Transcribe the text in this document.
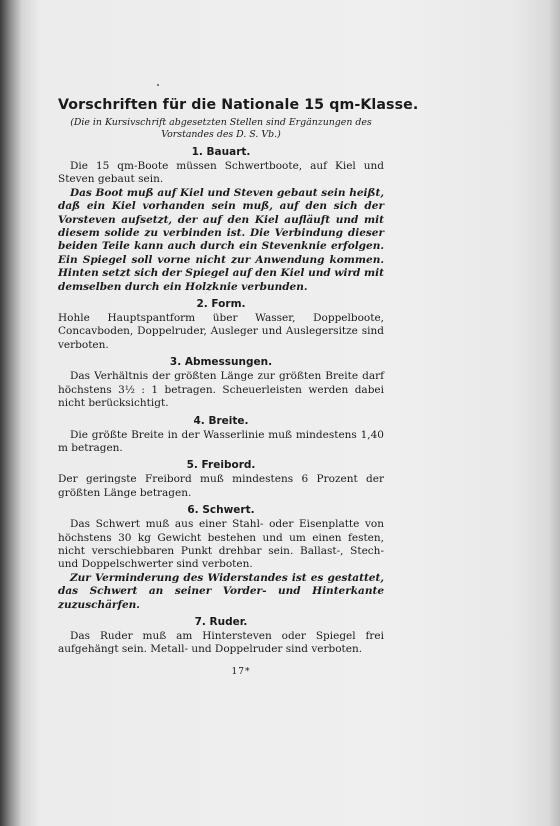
Vorschriften für die Nationale 15 qm-Klasse.
(Die in Kursivschrift abgesetzten Stellen sind Ergänzungen des Vorstandes des D. S. Vb.)
1. Bauart.

Die 15 qm-Boote müssen Schwertboote, auf Kiel und Steven gebaut sein.

Das Boot muß auf Kiel und Steven gebaut sein heißt, daß ein Kiel vorhanden sein muß, auf den sich der Vorsteven aufsetzt, der auf den Kiel aufläuft und mit diesem solide zu verbinden ist. Die Verbindung dieser beiden Teile kann auch durch ein Stevenknie erfolgen. Ein Spiegel soll vorne nicht zur Anwendung kommen. Hinten setzt sich der Spiegel auf den Kiel und wird mit demselben durch ein Holzknie verbunden.

2. Form.

Hohle Hauptspantform über Wasser, Doppelboote, Concavboden, Doppelruder, Ausleger und Auslegersitze sind verboten.

3. Abmessungen.

Das Verhältnis der größten Länge zur größten Breite darf höchstens 3½ : 1 betragen. Scheuerleisten werden dabei nicht berücksichtigt.

4. Breite.

Die größte Breite in der Wasserlinie muß mindestens 1,40 m betragen.

5. Freibord.

Der geringste Freibord muß mindestens 6 Prozent der größten Länge betragen.

6. Schwert.

Das Schwert muß aus einer Stahl- oder Eisenplatte von höchstens 30 kg Gewicht bestehen und um einen festen, nicht verschiebbaren Punkt drehbar sein. Ballast-, Stech- und Doppelschwerter sind verboten.

Zur Verminderung des Widerstandes ist es gestattet, das Schwert an seiner Vorder- und Hinterkante zuzuschärfen.

7. Ruder.

Das Ruder muß am Hintersteven oder Spiegel frei aufgehängt sein. Metall- und Doppelruder sind verboten.

17*
